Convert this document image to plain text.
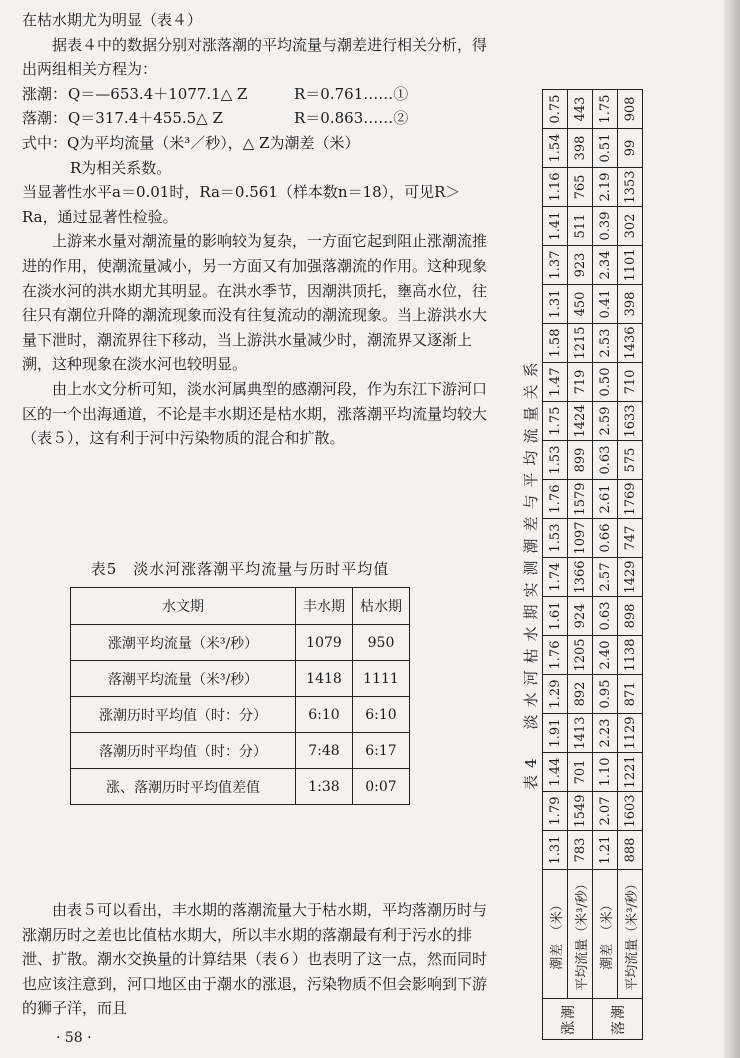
在枯水期尤为明显（表４）

据表４中的数据分别对涨落潮的平均流量与潮差进行相关分析，得出两组相关方程为：

涨潮： Q＝—653.4＋1077.1△ Z	R＝0.761……①
落潮： Q＝317.4＋455.5△ Z	R＝0.863……②

式中：Q为平均流量（米³／秒），△ Z为潮差（米）

R为相关系数。

当显著性水平a＝0.01时，Ra＝0.561（样本数n＝18），可见R＞Ra，通过显著性检验。

上游来水量对潮流量的影响较为复杂，一方面它起到阻止涨潮流推进的作用，使潮流量减小，另一方面又有加强落潮流的作用。这种现象在淡水河的洪水期尤其明显。在洪水季节，因潮洪顶托，壅高水位，往往只有潮位升降的潮流现象而没有往复流动的潮流现象。当上游洪水大量下泄时，潮流界往下移动，当上游洪水量减少时，潮流界又逐渐上溯，这种现象在淡水河也较明显。

由上水文分析可知，淡水河属典型的感潮河段，作为东江下游河口区的一个出海通道，不论是丰水期还是枯水期，涨落潮平均流量均较大（表５），这有利于河中污染物质的混合和扩散。

表5　淡水河涨落潮平均流量与历时平均值
水文期	丰水期	枯水期
涨潮平均流量（米³/秒）	1079	950
落潮平均流量（米³/秒）	1418	1111
涨潮历时平均值（时：分）	6:10	6:10
落潮历时平均值（时：分）	7:48	6:17
涨、落潮历时平均值差值	1:38	0:07

由表５可以看出，丰水期的落潮流量大于枯水期，平均落潮历时与涨潮历时之差也比值枯水期大，所以丰水期的落潮最有利于污水的排泄、扩散。潮水交换量的计算结果（表６）也表明了这一点，然而同时也应该注意到，河口地区由于潮水的涨退，污染物质不但会影响到下游的狮子洋，而且

· 58 ·
表4　淡水河枯水期实测潮差与平均流量关系
涨潮	潮差　（米）	1.31	1.79	1.44	1.91	1.29	1.76	1.61	1.74	1.53	1.76	1.53	1.75	1.47	1.58	1.31	1.37	1.41	1.16	1.54	0.75
	平均流量（米³/秒）	783	1549	701	1413	892	1205	924	1366	1097	1579	899	1424	719	1215	450	923	511	765	398	443
落潮	潮差　（米）	1.21	2.07	1.10	2.23	0.95	2.40	0.63	2.57	0.66	2.61	0.63	2.59	0.50	2.53	0.41	2.34	0.39	2.19	0.51	1.75
	平均流量（米³/秒）	888	1603	1221	1129	871	1138	898	1429	747	1769	575	1633	710	1436	398	1101	302	1353	99	908
